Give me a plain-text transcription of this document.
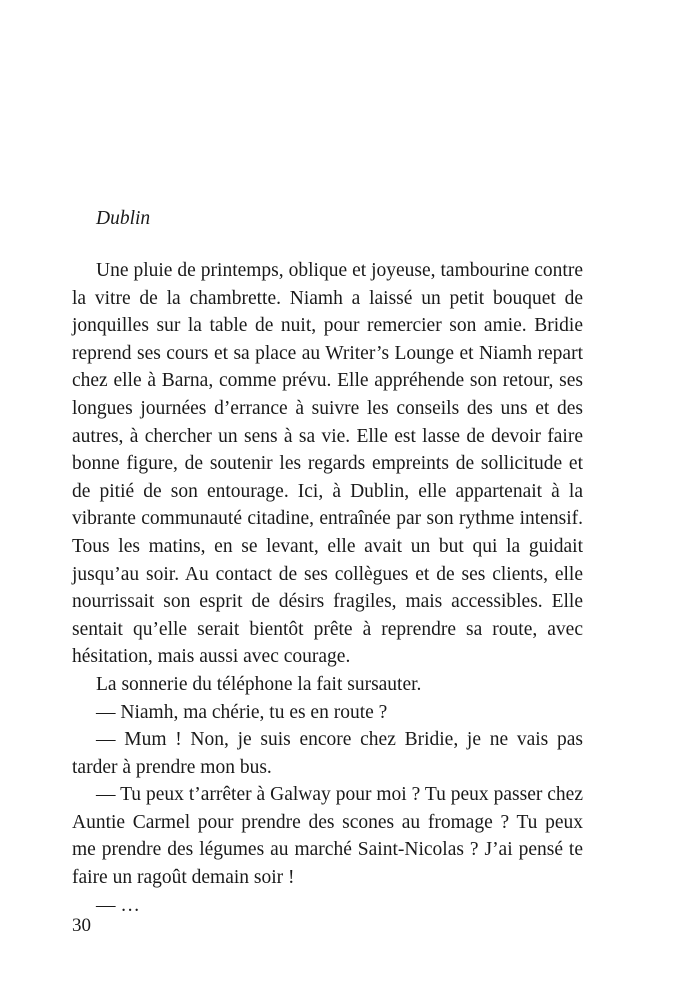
Dublin

Une pluie de printemps, oblique et joyeuse, tambourine contre la vitre de la chambrette. Niamh a laissé un petit bouquet de jonquilles sur la table de nuit, pour remercier son amie. Bridie reprend ses cours et sa place au Writer’s Lounge et Niamh repart chez elle à Barna, comme prévu. Elle appréhende son retour, ses longues journées d’errance à suivre les conseils des uns et des autres, à chercher un sens à sa vie. Elle est lasse de devoir faire bonne figure, de soutenir les regards empreints de sollicitude et de pitié de son entourage. Ici, à Dublin, elle appartenait à la vibrante communauté citadine, entraînée par son rythme intensif. Tous les matins, en se levant, elle avait un but qui la guidait jusqu’au soir. Au contact de ses collègues et de ses clients, elle nourrissait son esprit de désirs fragiles, mais accessibles. Elle sentait qu’elle serait bientôt prête à reprendre sa route, avec hésitation, mais aussi avec courage.

La sonnerie du téléphone la fait sursauter.

— Niamh, ma chérie, tu es en route ?

— Mum ! Non, je suis encore chez Bridie, je ne vais pas tarder à prendre mon bus.

— Tu peux t’arrêter à Galway pour moi ? Tu peux passer chez Auntie Carmel pour prendre des scones au fromage ? Tu peux me prendre des légumes au marché Saint-Nicolas ? J’ai pensé te faire un ragoût demain soir !

— …

30
